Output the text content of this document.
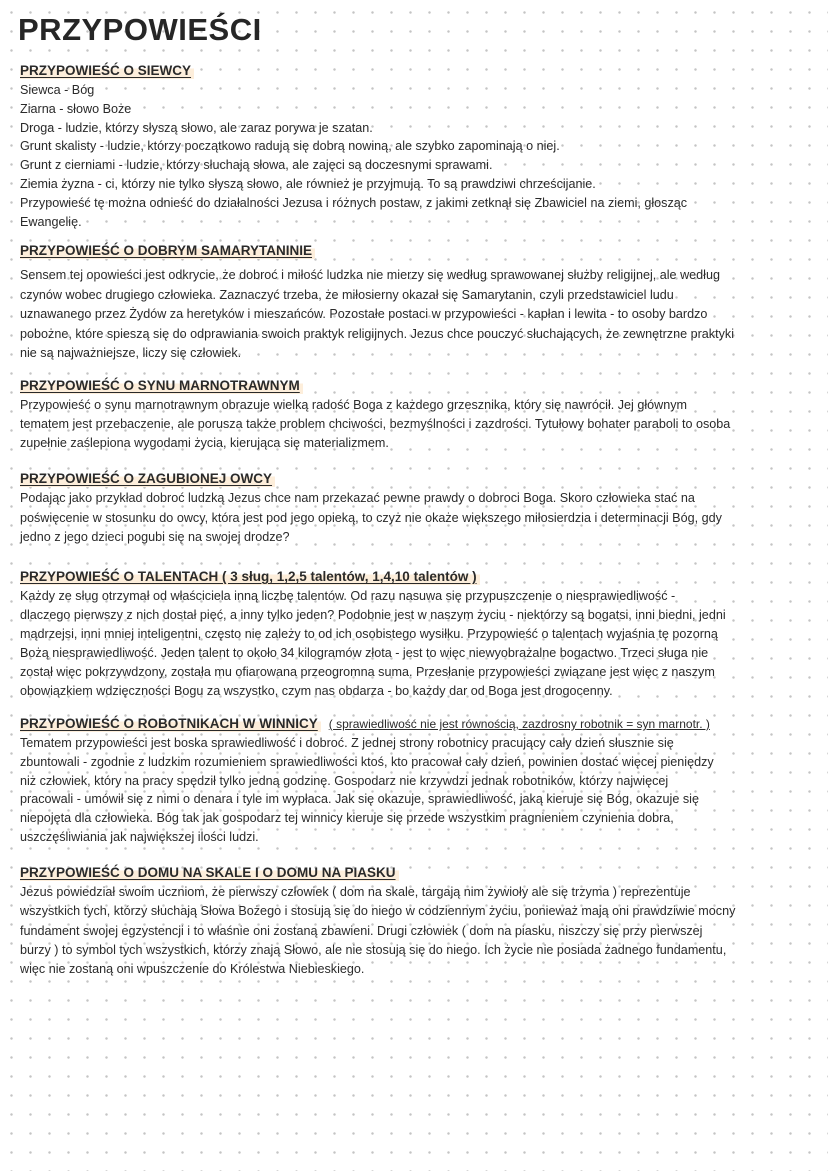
PRZYPOWIEŚCI
PRZYPOWIEŚĆ O SIEWCY
Siewca - Bóg
Ziarna - słowo Boże
Droga - ludzie, którzy słyszą słowo, ale zaraz porywa je szatan.
Grunt skalisty - ludzie, którzy początkowo radują się dobrą nowiną, ale szybko zapominają o niej.
Grunt z cierniami - ludzie, którzy słuchają słowa, ale zajęci są doczesnymi sprawami.
Ziemia żyzna - ci, którzy nie tylko słyszą słowo, ale również je przyjmują. To są prawdziwi chrześcijanie.
Przypowieść tę można odnieść do działalności Jezusa i różnych postaw, z jakimi zetknął się Zbawiciel na ziemi, głosząc
Ewangelię.
PRZYPOWIEŚĆ O DOBRYM SAMARYTANINIE
Sensem tej opowieści jest odkrycie, że dobroć i miłość ludzka nie mierzy się według sprawowanej służby religijnej, ale według
czynów wobec drugiego człowieka. Zaznaczyć trzeba, że miłosierny okazał się Samarytanin, czyli przedstawiciel ludu
uznawanego przez Żydów za heretyków i mieszańców. Pozostałe postaci w przypowieści - kapłan i lewita - to osoby bardzo
pobożne, które spieszą się do odprawiania swoich praktyk religijnych. Jezus chce pouczyć słuchających, że zewnętrzne praktyki
nie są najważniejsze, liczy się człowiek.
PRZYPOWIEŚĆ O SYNU MARNOTRAWNYM
Przypowieść o synu marnotrawnym obrazuje wielką radość Boga z każdego grzesznika, który się nawrócił. Jej głównym
tematem jest przebaczenie, ale porusza także problem chciwości, bezmyślności i zazdrości. Tytułowy bohater paraboli to osoba
zupełnie zaślepiona wygodami życia, kierująca się materializmem.
PRZYPOWIEŚĆ O ZAGUBIONEJ OWCY
Podając jako przykład dobroć ludzką Jezus chce nam przekazać pewne prawdy o dobroci Boga. Skoro człowieka stać na
poświęcenie w stosunku do owcy, która jest pod jego opieką, to czyż nie okaże większego miłosierdzia i determinacji Bóg, gdy
jedno z jego dzieci pogubi się na swojej drodze?
PRZYPOWIEŚĆ O TALENTACH ( 3 sług, 1,2,5 talentów, 1,4,10 talentów )
Każdy ze sług otrzymał od właściciela inną liczbę talentów. Od razu nasuwa się przypuszczenie o niesprawiedliwość -
dlaczego pierwszy z nich dostał pięć, a inny tylko jeden? Podobnie jest w naszym życiu - niektórzy są bogatsi, inni biedni, jedni
mądrzejsi, inni mniej inteligentni, często nie zależy to od ich osobistego wysiłku. Przypowieść o talentach wyjaśnia tę pozorną
Bożą niesprawiedliwość. Jeden talent to około 34 kilogramów złota - jest to więc niewyobrażalne bogactwo. Trzeci sługa nie
został więc pokrzywdzony, została mu ofiarowana przeogromna suma. Przesłanie przypowieści związane jest więc z naszym
obowiązkiem wdzięczności Bogu za wszystko, czym nas obdarza - bo każdy dar od Boga jest drogocenny.
PRZYPOWIEŚĆ O ROBOTNIKACH W WINNICY ( sprawiedliwość nie jest równością, zazdrosny robotnik = syn marnotr. )
Tematem przypowieści jest boska sprawiedliwość i dobroć. Z jednej strony robotnicy pracujący cały dzień słusznie się
zbuntowali - zgodnie z ludzkim rozumieniem sprawiedliwości ktoś, kto pracował cały dzień, powinien dostać więcej pieniędzy
niż człowiek, który na pracy spędził tylko jedną godzinę. Gospodarz nie krzywdzi jednak robotników, którzy najwięcej
pracowali - umówił się z nimi o denara i tyle im wypłaca. Jak się okazuje, sprawiedliwość, jaką kieruje się Bóg, okazuje się
niepojęta dla człowieka. Bóg tak jak gospodarz tej winnicy kieruje się przede wszystkim pragnieniem czynienia dobra,
uszczęśliwiania jak największej ilości ludzi.
PRZYPOWIEŚĆ O DOMU NA SKALE I O DOMU NA PIASKU
Jezus powiedział swoim uczniom, że pierwszy człowiek ( dom na skale, targają nim żywioły ale się trzyma ) reprezentuje
wszystkich tych, którzy słuchają Słowa Bożego i stosują się do niego w codziennym życiu, ponieważ mają oni prawdziwie mocny
fundament swojej egzystencji i to właśnie oni zostaną zbawieni. Drugi człowiek ( dom na piasku, niszczy się przy pierwszej
burzy ) to symbol tych wszystkich, którzy znają Słowo, ale nie stosują się do niego. Ich życie nie posiada żadnego fundamentu,
więc nie zostaną oni wpuszczenie do Królestwa Niebieskiego.
